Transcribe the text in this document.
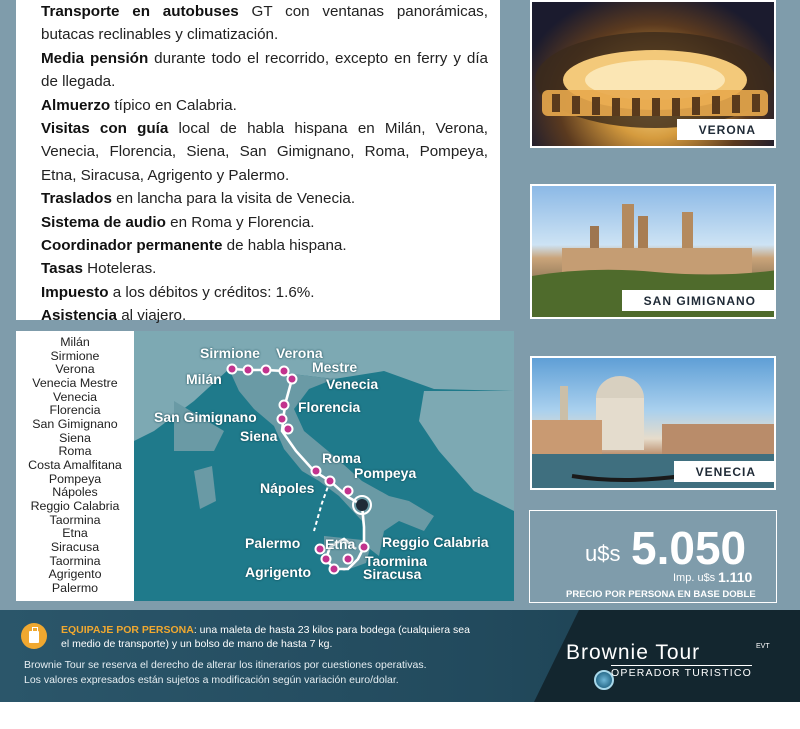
Transporte en autobuses GT con ventanas panorámicas, butacas reclinables y climatización.

Media pensión durante todo el recorrido, excepto en ferry y día de llegada.

Almuerzo típico en Calabria.

Visitas con guía local de habla hispana en Milán, Verona, Venecia, Florencia, Siena, San Gimignano, Roma, Pompeya, Etna, Siracusa, Agrigento y Palermo.

Traslados en lancha para la visita de Venecia.

Sistema de audio en Roma y Florencia.

Coordinador permanente de habla hispana.

Tasas Hoteleras.

Impuesto a los débitos y créditos: 1.6%.

Asistencia al viajero.

VERONA
SAN GIMIGNANO
VENECIA
Milán
Sirmione
Verona
Venecia Mestre
Venecia
Florencia
San Gimignano
Siena
Roma
Costa Amalfitana
Pompeya
Nápoles
Reggio Calabria
Taormina
Etna
Siracusa
Taormina
Agrigento
Palermo
Sirmione Verona
Milán
Mestre
Venecia
Florencia
San Gimignano
Siena
Roma
Pompeya
Nápoles
Palermo Etna Reggio Calabria
Taormina
Agrigento	Siracusa
u$s 5.050
Imp. u$s 1.110
PRECIO POR PERSONA EN BASE DOBLE
EQUIPAJE POR PERSONA: una maleta de hasta 23 kilos para bodega (cualquiera sea el medio de transporte) y un bolso de mano de hasta 7 kg.
Brownie Tour se reserva el derecho de alterar los itinerarios por cuestiones operativas.
Los valores expresados están sujetos a modificación según variación euro/dolar.
Brownie Tour	EVT
OPERADOR TURISTICO
